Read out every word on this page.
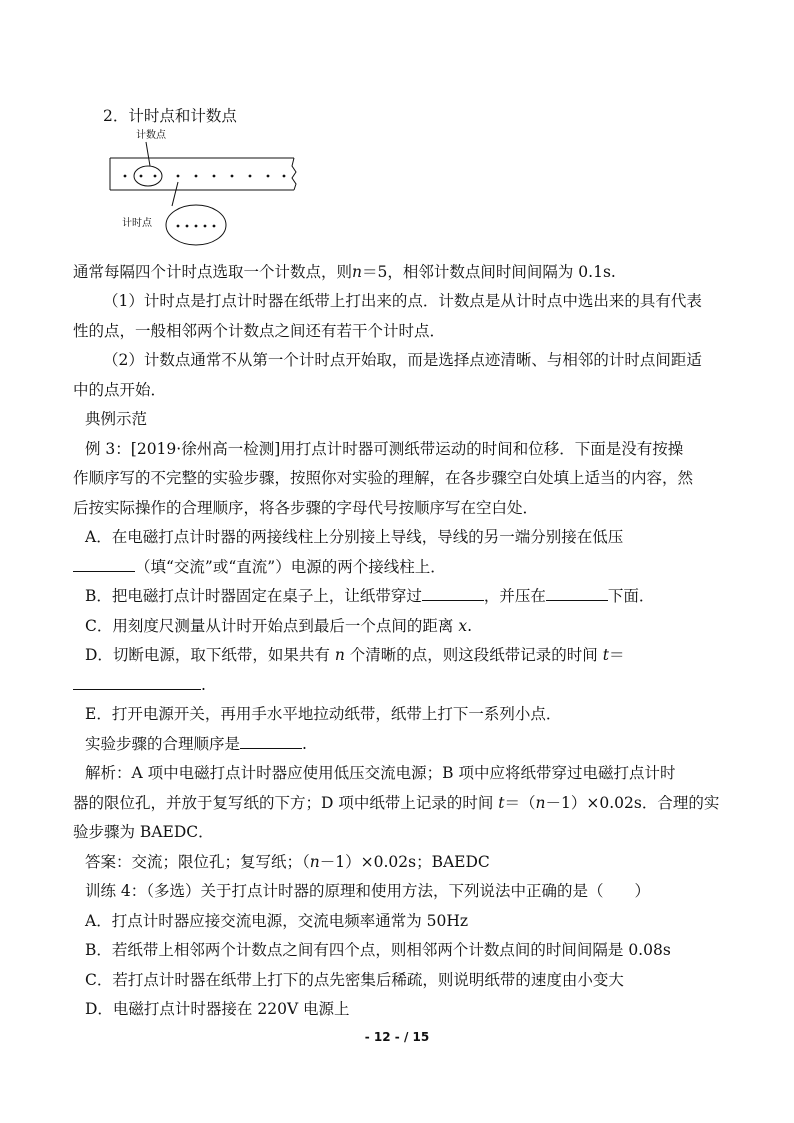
2．计时点和计数点
计数点
计时点
通常每隔四个计时点选取一个计数点，则n＝5，相邻计数点间时间间隔为 0.1s.
（1）计时点是打点计时器在纸带上打出来的点．计数点是从计时点中选出来的具有代表
性的点，一般相邻两个计数点之间还有若干个计时点．
（2）计数点通常不从第一个计时点开始取，而是选择点迹清晰、与相邻的计时点间距适
中的点开始．
典例示范
例 3：[2019·徐州高一检测]用打点计时器可测纸带运动的时间和位移．下面是没有按操
作顺序写的不完整的实验步骤，按照你对实验的理解，在各步骤空白处填上适当的内容，然
后按实际操作的合理顺序，将各步骤的字母代号按顺序写在空白处．
A．在电磁打点计时器的两接线柱上分别接上导线，导线的另一端分别接在低压
（填“交流”或“直流”）电源的两个接线柱上．
B．把电磁打点计时器固定在桌子上，让纸带穿过	，并压在	下面．
C．用刻度尺测量从计时开始点到最后一个点间的距离 x.
D．切断电源，取下纸带，如果共有 n 个清晰的点，则这段纸带记录的时间 t＝
.
E．打开电源开关，再用手水平地拉动纸带，纸带上打下一系列小点．
实验步骤的合理顺序是	.
解析：A 项中电磁打点计时器应使用低压交流电源；B 项中应将纸带穿过电磁打点计时
器的限位孔，并放于复写纸的下方；D 项中纸带上记录的时间 t＝（n－1）×0.02s．合理的实
验步骤为 BAEDC．
答案：交流；限位孔；复写纸；（n－1）×0.02s；BAEDC
训练 4：（多选）关于打点计时器的原理和使用方法，下列说法中正确的是（　　）
A．打点计时器应接交流电源，交流电频率通常为 50Hz
B．若纸带上相邻两个计数点之间有四个点，则相邻两个计数点间的时间间隔是 0.08s
C．若打点计时器在纸带上打下的点先密集后稀疏，则说明纸带的速度由小变大
D．电磁打点计时器接在 220V 电源上
- 12 - / 15
